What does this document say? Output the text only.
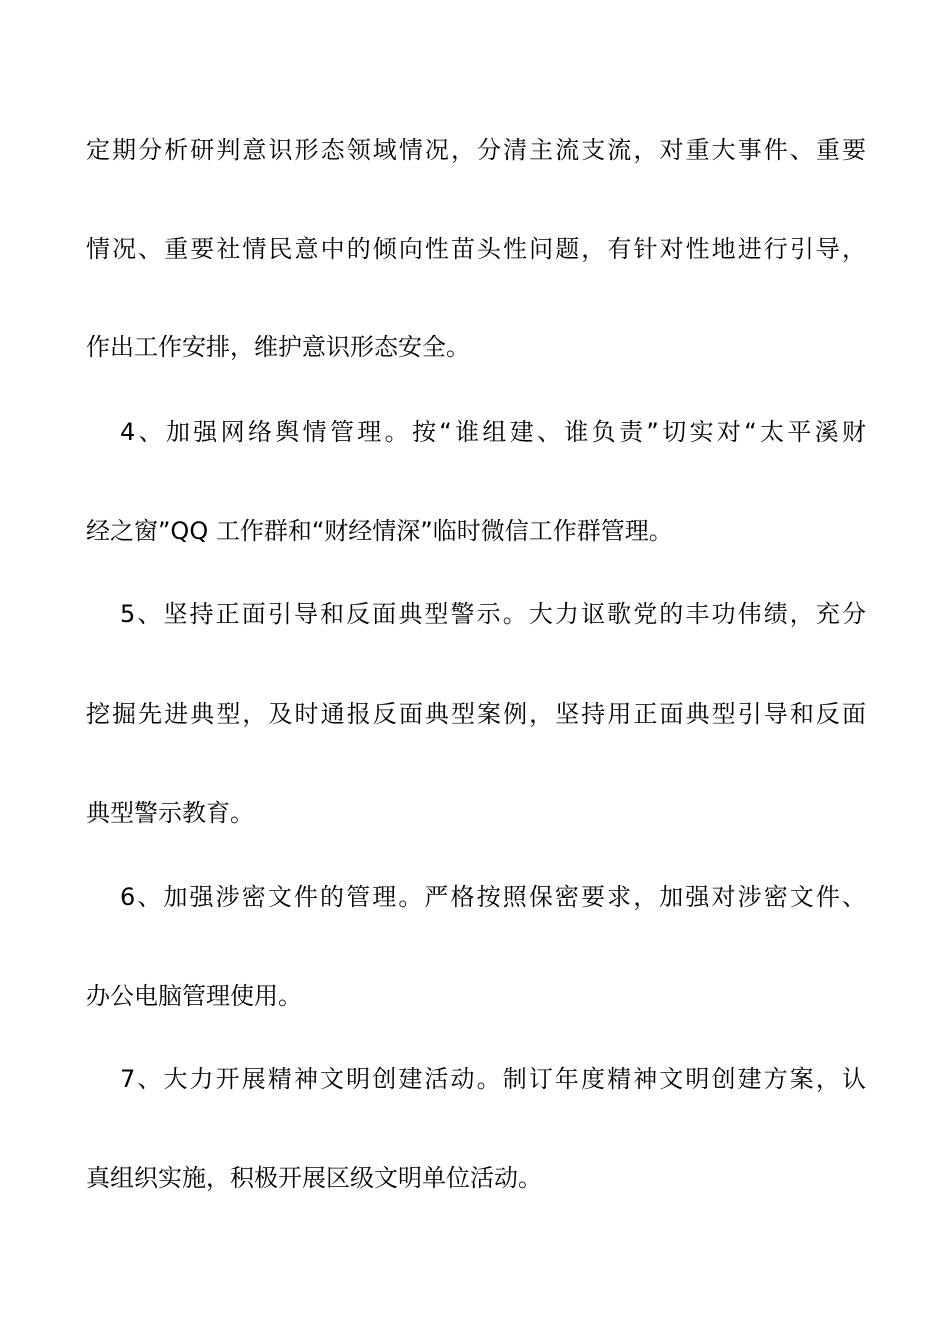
定期分析研判意识形态领域情况，分清主流支流，对重大事件、重要
情况、重要社情民意中的倾向性苗头性问题，有针对性地进行引导，
作出工作安排，维护意识形态安全。
4、加强网络舆情管理。按“谁组建、谁负责”切实对“太平溪财
经之窗”QQ 工作群和“财经情深”临时微信工作群管理。
5、坚持正面引导和反面典型警示。大力讴歌党的丰功伟绩，充分
挖掘先进典型，及时通报反面典型案例，坚持用正面典型引导和反面
典型警示教育。
6、加强涉密文件的管理。严格按照保密要求，加强对涉密文件、
办公电脑管理使用。
7、大力开展精神文明创建活动。制订年度精神文明创建方案，认
真组织实施，积极开展区级文明单位活动。
